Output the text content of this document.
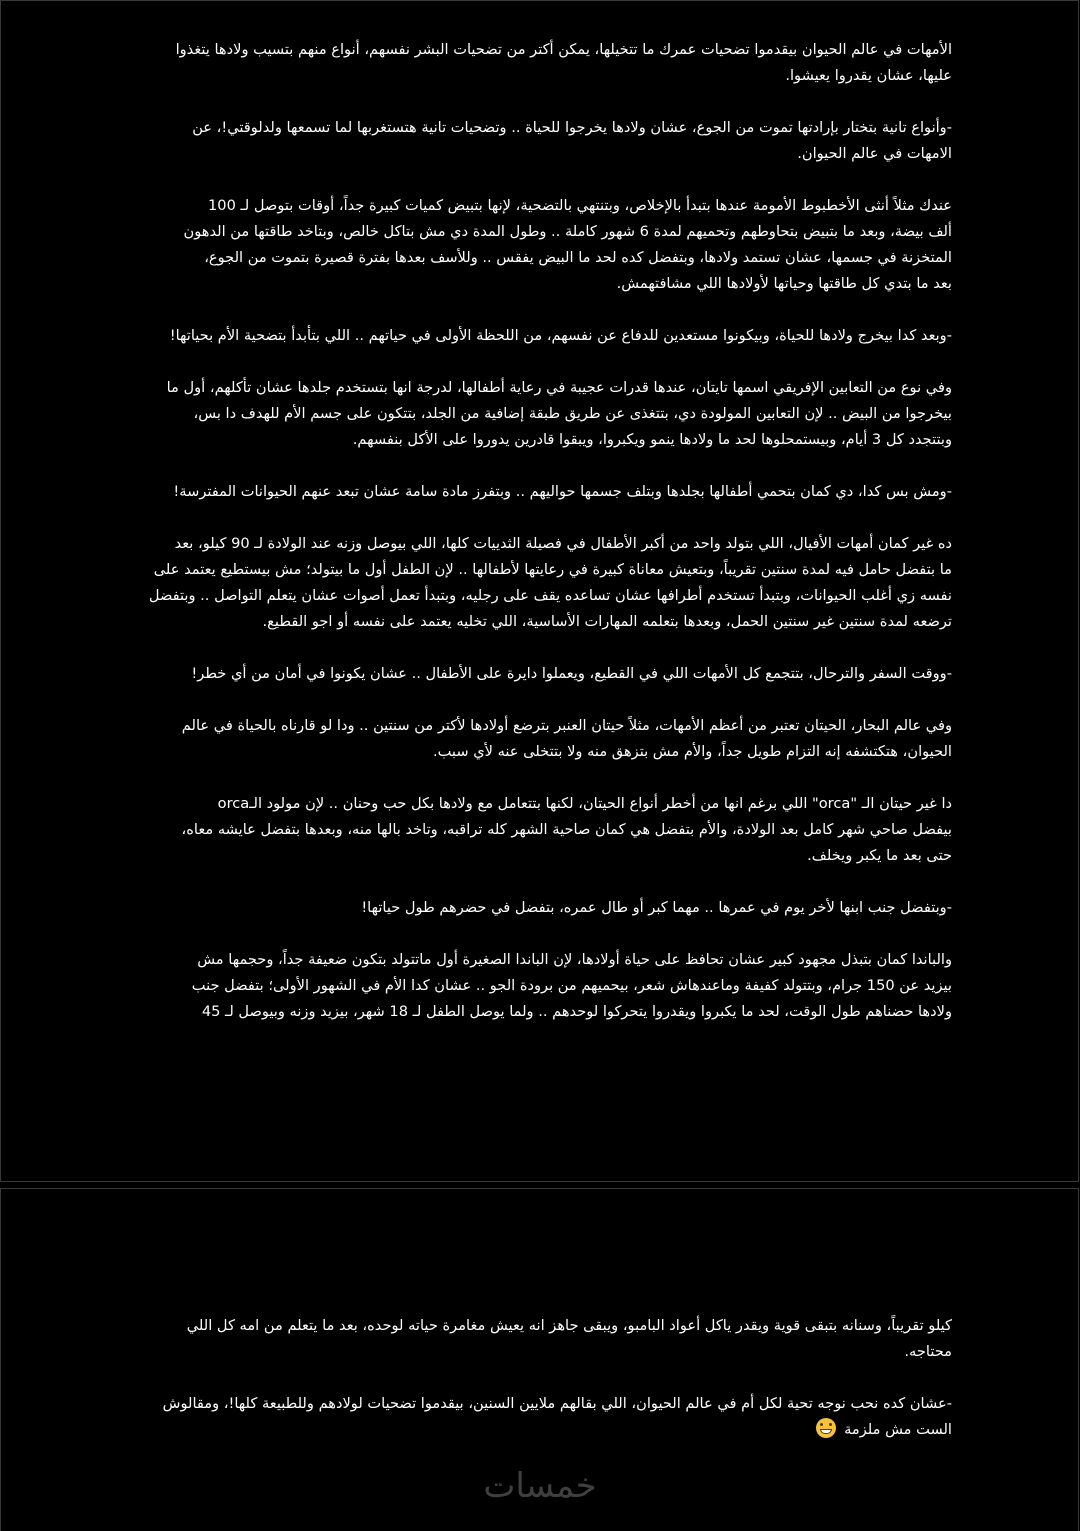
الأمهات في عالم الحيوان بيقدموا تضحيات عمرك ما تتخيلها، يمكن أكتر من تضحيات البشر نفسهم، أنواع منهم بتسيب ولادها يتغذوا
عليها، عشان يقدروا يعيشوا.

-وأنواع تانية بتختار بإرادتها تموت من الجوع، عشان ولادها يخرجوا للحياة .. وتضحيات تانية هتستغربها لما تسمعها ولدلوقتي!، عن
الامهات في عالم الحيوان.

عندك مثلاً أنثى الأخطبوط الأمومة عندها بتبدأ بالإخلاص، وبتنتهي بالتضحية، لإنها بتبيض كميات كبيرة جداً، أوقات بتوصل لـ 100
ألف بيضة، وبعد ما بتبيض بتحاوطهم وتحميهم لمدة 6 شهور كاملة .. وطول المدة دي مش بتاكل خالص، وبتاخد طاقتها من الدهون
المتخزنة في جسمها، عشان تستمد ولادها، وبتفضل كده لحد ما البيض يفقس .. وللأسف بعدها بفترة قصيرة بتموت من الجوع،
بعد ما بتدي كل طاقتها وحياتها لأولادها اللي مشافتهمش.

-وبعد كدا بيخرج ولادها للحياة، وبيكونوا مستعدين للدفاع عن نفسهم، من اللحظة الأولى في حياتهم .. اللي بتأبدأ بتضحية الأم بحياتها!

وفي نوع من التعابين الإفريقي اسمها تايتان، عندها قدرات عجيبة في رعاية أطفالها، لدرجة انها بتستخدم جلدها عشان تأكلهم، أول ما
بيخرجوا من البيض .. لإن التعابين المولودة دي، بتتغذى عن طريق طبقة إضافية من الجلد، بتتكون على جسم الأم للهدف دا بس،
وبتتجدد كل 3 أيام، وبيستمحلوها لحد ما ولادها ينمو ويكبروا، ويبقوا قادرين يدوروا على الأكل بنفسهم.

-ومش بس كدا، دي كمان بتحمي أطفالها بجلدها وبتلف جسمها حواليهم .. وبتفرز مادة سامة عشان تبعد عنهم الحيوانات المفترسة!

ده غير كمان أمهات الأفيال، اللي بتولد واحد من أكبر الأطفال في فصيلة الثدييات كلها، اللي بيوصل وزنه عند الولادة لـ 90 كيلو، بعد
ما بتفضل حامل فيه لمدة سنتين تقريباً، وبتعيش معاناة كبيرة في رعايتها لأطفالها .. لإن الطفل أول ما بيتولد؛ مش بيستطيع يعتمد على
نفسه زي أغلب الحيوانات، وبتبدأ تستخدم أطرافها عشان تساعده يقف على رجليه، وبتبدأ تعمل أصوات عشان يتعلم التواصل .. وبتفضل
ترضعه لمدة سنتين غير سنتين الحمل، وبعدها بتعلمه المهارات الأساسية، اللي تخليه يعتمد على نفسه أو اجو القطيع.

-ووقت السفر والترحال، بتتجمع كل الأمهات اللي في القطيع، ويعملوا دايرة على الأطفال .. عشان يكونوا في أمان من أي خطر!

وفي عالم البحار، الحيتان تعتبر من أعظم الأمهات، مثلاً حيتان العنبر بترضع أولادها لأكتر من سنتين .. ودا لو قارناه بالحياة في عالم
الحيوان، هتكتشفه إنه التزام طويل جداً، والأم مش بتزهق منه ولا بتتخلى عنه لأي سبب.

دا غير حيتان الـ "orca" اللي برغم انها من أخطر أنواع الحيتان، لكنها بتتعامل مع ولادها بكل حب وحنان .. لإن مولود الـorca
بيفضل صاحي شهر كامل بعد الولادة، والأم بتفضل هي كمان صاحية الشهر كله تراقبه، وتاخد بالها منه، وبعدها بتفضل عايشه معاه،
حتى بعد ما يكبر ويخلف.

-وبتفضل جنب ابنها لأخر يوم في عمرها .. مهما كبر أو طال عمره، بتفضل في حضرهم طول حياتها!

والباندا كمان بتبذل مجهود كبير عشان تحافظ على حياة أولادها، لإن الباندا الصغيرة أول ماتتولد بتكون ضعيفة جداً، وحجمها مش
بيزيد عن 150 جرام، وبتتولد كفيفة وماعندهاش شعر، بيحميهم من برودة الجو .. عشان كدا الأم في الشهور الأولى؛ بتفضل جنب
ولادها حضناهم طول الوقت، لحد ما يكبروا ويقدروا يتحركوا لوحدهم .. ولما يوصل الطفل لـ 18 شهر، بيزيد وزنه وبيوصل لـ 45

كيلو تقريباً، وسنانه بتبقى قوية ويقدر ياكل أعواد البامبو، ويبقى جاهز انه يعيش مغامرة حياته لوحده، بعد ما يتعلم من امه كل اللي
محتاجه.

-عشان كده نحب نوجه تحية لكل أم في عالم الحيوان، اللي بقالهم ملايين السنين، بيقدموا تضحيات لولادهم وللطبيعة كلها!، ومقالوش
الست مش ملزمة
خمسات
